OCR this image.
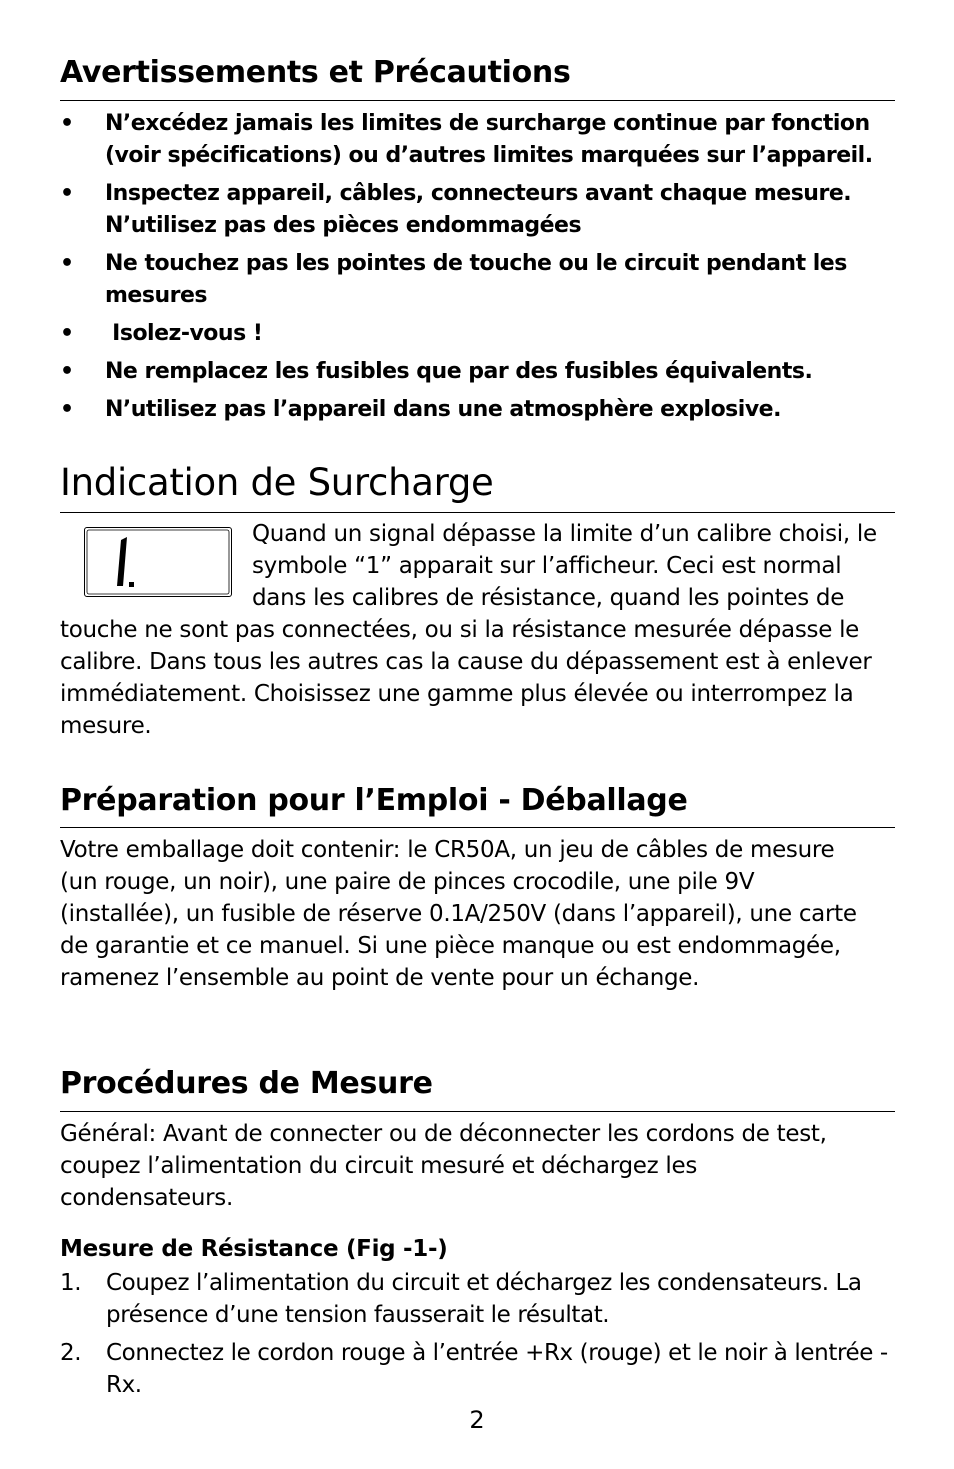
Avertissements et Précautions
• N’excédez jamais les limites de surcharge continue par fonction (voir spécifications) ou d’autres limites marquées sur l’appareil.
• Inspectez appareil, câbles, connecteurs avant chaque mesure. N’utilisez pas des pièces endommagées
• Ne touchez pas les pointes de touche ou le circuit pendant les mesures
• Isolez-vous !
• Ne remplacez les fusibles que par des fusibles équivalents.
• N’utilisez pas l’appareil dans une atmosphère explosive.
Indication de Surcharge

Quand un signal dépasse la limite d’un calibre choisi, le symbole “1” apparait sur l’afficheur. Ceci est normal dans les calibres de résistance, quand les pointes de touche ne sont pas connectées, ou si la résistance mesurée dépasse le calibre. Dans tous les autres cas la cause du dépassement est à enlever immédiatement. Choisissez une gamme plus élevée ou interrompez la mesure.

Préparation pour l’Emploi - Déballage

Votre emballage doit contenir: le CR50A, un jeu de câbles de mesure (un rouge, un noir), une paire de pinces crocodile, une pile 9V (installée), un fusible de réserve 0.1A/250V (dans l’appareil), une carte de garantie et ce manuel. Si une pièce manque ou est endommagée, ramenez l’ensemble au point de vente pour un échange.

Procédures de Mesure

Général: Avant de connecter ou de déconnecter les cordons de test, coupez l’alimentation du circuit mesuré et déchargez les condensateurs.

Mesure de Résistance (Fig -1-)
1. Coupez l’alimentation du circuit et déchargez les condensateurs. La présence d’une tension fausserait le résultat.
2. Connectez le cordon rouge à l’entrée +Rx (rouge) et le noir à lentrée -Rx.
2
